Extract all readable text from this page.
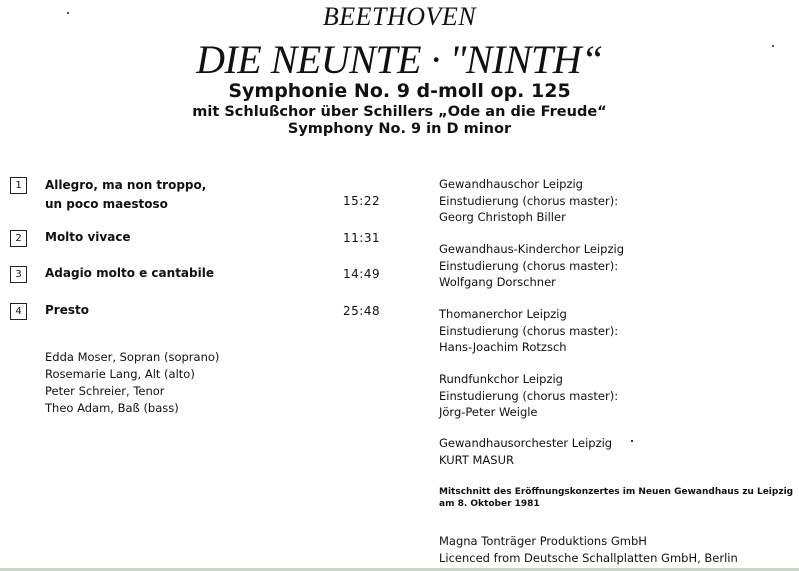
BEETHOVEN
DIE NEUNTE · "NINTH“
Symphonie No. 9 d-moll op. 125
mit Schlußchor über Schillers „Ode an die Freude“
Symphony No. 9 in D minor
1	Allegro, ma non troppo,
un poco maestoso	15:22
2	Molto vivace	11:31
3	Adagio molto e cantabile	14:49
4	Presto	25:48
Edda Moser, Sopran (soprano)
Rosemarie Lang, Alt (alto)
Peter Schreier, Tenor
Theo Adam, Baß (bass)
Gewandhauschor Leipzig
Einstudierung (chorus master):
Georg Christoph Biller
Gewandhaus-Kinderchor Leipzig
Einstudierung (chorus master):
Wolfgang Dorschner
Thomanerchor Leipzig
Einstudierung (chorus master):
Hans-Joachim Rotzsch
Rundfunkchor Leipzig
Einstudierung (chorus master):
Jörg-Peter Weigle
Gewandhausorchester Leipzig
KURT MASUR
Mitschnitt des Eröffnungskonzertes im Neuen Gewandhaus zu Leipzig
am 8. Oktober 1981
Magna Tonträger Produktions GmbH
Licenced from Deutsche Schallplatten GmbH, Berlin
